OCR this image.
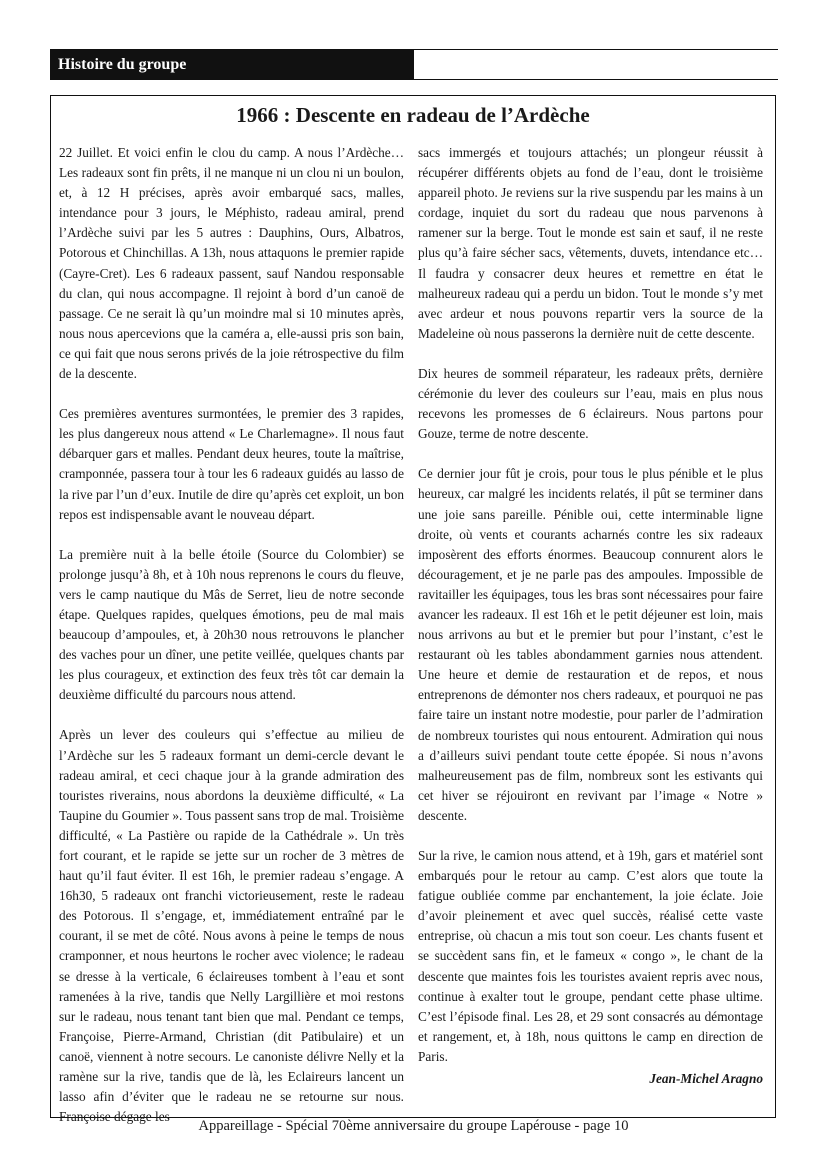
Histoire du groupe
1966 : Descente en radeau de l’Ardèche

22 Juillet. Et voici enfin le clou du camp. A nous l’Ardèche… Les radeaux sont fin prêts, il ne manque ni un clou ni un boulon, et, à 12 H précises, après avoir embarqué sacs, malles, intendance pour 3 jours, le Méphisto, radeau amiral, prend l’Ardèche suivi par les 5 autres : Dauphins, Ours, Albatros, Potorous et Chinchillas. A 13h, nous attaquons le premier rapide (Cayre-Cret). Les 6 radeaux passent, sauf Nandou responsable du clan, qui nous accompagne. Il rejoint à bord d’un canoë de passage. Ce ne serait là qu’un moindre mal si 10 minutes après, nous nous apercevions que la caméra a, elle-aussi pris son bain, ce qui fait que nous serons privés de la joie rétrospective du film de la descente.

Ces premières aventures surmontées, le premier des 3 rapides, les plus dangereux nous attend « Le Charlemagne». Il nous faut débarquer gars et malles. Pendant deux heures, toute la maîtrise, cramponnée, passera tour à tour les 6 radeaux guidés au lasso de la rive par l’un d’eux. Inutile de dire qu’après cet exploit, un bon repos est indispensable avant le nouveau départ.

La première nuit à la belle étoile (Source du Colombier) se prolonge jusqu’à 8h, et à 10h nous reprenons le cours du fleuve, vers le camp nautique du Mâs de Serret, lieu de notre seconde étape. Quelques rapides, quelques émotions, peu de mal mais beaucoup d’ampoules, et, à 20h30 nous retrouvons le plancher des vaches pour un dîner, une petite veillée, quelques chants par les plus courageux, et extinction des feux très tôt car demain la deuxième difficulté du parcours nous attend.

Après un lever des couleurs qui s’effectue au milieu de l’Ardèche sur les 5 radeaux formant un demi-cercle devant le radeau amiral, et ceci chaque jour à la grande admiration des touristes riverains, nous abordons la deuxième difficulté, « La Taupine du Goumier ». Tous passent sans trop de mal. Troisième difficulté, « La Pastière ou rapide de la Cathédrale ». Un très fort courant, et le rapide se jette sur un rocher de 3 mètres de haut qu’il faut éviter. Il est 16h, le premier radeau s’engage. A 16h30, 5 radeaux ont franchi victorieusement, reste le radeau des Potorous. Il s’engage, et, immédiatement entraîné par le courant, il se met de côté. Nous avons à peine le temps de nous cramponner, et nous heurtons le rocher avec violence; le radeau se dresse à la verticale, 6 éclaireuses tombent à l’eau et sont ramenées à la rive, tandis que Nelly Largillière et moi restons sur le radeau, nous tenant tant bien que mal. Pendant ce temps, Françoise, Pierre-Armand, Christian (dit Patibulaire) et un canoë, viennent à notre secours. Le canoniste délivre Nelly et la ramène sur la rive, tandis que de là, les Eclaireurs lancent un lasso afin d’éviter que le radeau ne se retourne sur nous. Françoise dégage les

sacs immergés et toujours attachés; un plongeur réussit à récupérer différents objets au fond de l’eau, dont le troisième appareil photo. Je reviens sur la rive suspendu par les mains à un cordage, inquiet du sort du radeau que nous parvenons à ramener sur la berge. Tout le monde est sain et sauf, il ne reste plus qu’à faire sécher sacs, vêtements, duvets, intendance etc… Il faudra y consacrer deux heures et remettre en état le malheureux radeau qui a perdu un bidon. Tout le monde s’y met avec ardeur et nous pouvons repartir vers la source de la Madeleine où nous passerons la dernière nuit de cette descente.

Dix heures de sommeil réparateur, les radeaux prêts, dernière cérémonie du lever des couleurs sur l’eau, mais en plus nous recevons les promesses de 6 éclaireurs. Nous partons pour Gouze, terme de notre descente.

Ce dernier jour fût je crois, pour tous le plus pénible et le plus heureux, car malgré les incidents relatés, il pût se terminer dans une joie sans pareille. Pénible oui, cette interminable ligne droite, où vents et courants acharnés contre les six radeaux imposèrent des efforts énormes. Beaucoup connurent alors le découragement, et je ne parle pas des ampoules. Impossible de ravitailler les équipages, tous les bras sont nécessaires pour faire avancer les radeaux. Il est 16h et le petit déjeuner est loin, mais nous arrivons au but et le premier but pour l’instant, c’est le restaurant où les tables abondamment garnies nous attendent. Une heure et demie de restauration et de repos, et nous entreprenons de démonter nos chers radeaux, et pourquoi ne pas faire taire un instant notre modestie, pour parler de l’admiration de nombreux touristes qui nous entourent. Admiration qui nous a d’ailleurs suivi pendant toute cette épopée. Si nous n’avons malheureusement pas de film, nombreux sont les estivants qui cet hiver se réjouiront en revivant par l’image « Notre » descente.

Sur la rive, le camion nous attend, et à 19h, gars et matériel sont embarqués pour le retour au camp. C’est alors que toute la fatigue oubliée comme par enchantement, la joie éclate. Joie d’avoir pleinement et avec quel succès, réalisé cette vaste entreprise, où chacun a mis tout son coeur. Les chants fusent et se succèdent sans fin, et le fameux « congo », le chant de la descente que maintes fois les touristes avaient repris avec nous, continue à exalter tout le groupe, pendant cette phase ultime. C’est l’épisode final. Les 28, et 29 sont consacrés au démontage et rangement, et, à 18h, nous quittons le camp en direction de Paris.

Jean-Michel Aragno
Appareillage - Spécial 70ème anniversaire du groupe Lapérouse - page 10
